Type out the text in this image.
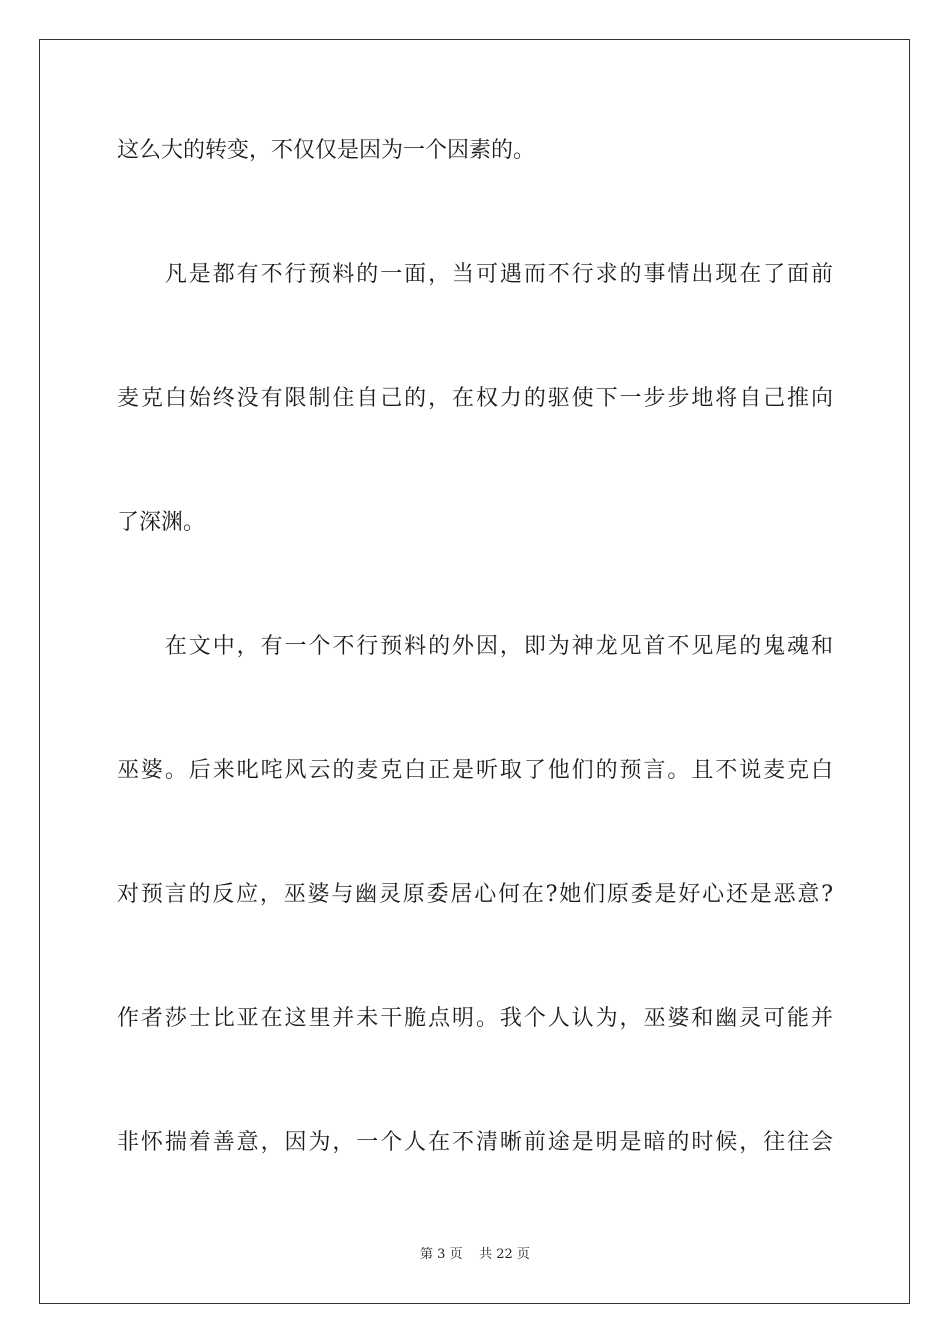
这么大的转变，不仅仅是因为一个因素的。
　　凡是都有不行预料的一面，当可遇而不行求的事情出现在了面前
麦克白始终没有限制住自己的，在权力的驱使下一步步地将自己推向
了深渊。
　　在文中，有一个不行预料的外因，即为神龙见首不见尾的鬼魂和
巫婆。后来叱咤风云的麦克白正是听取了他们的预言。且不说麦克白
对预言的反应，巫婆与幽灵原委居心何在?她们原委是好心还是恶意?
作者莎士比亚在这里并未干脆点明。我个人认为，巫婆和幽灵可能并
非怀揣着善意，因为，一个人在不清晰前途是明是暗的时候，往往会
第 3 页 共 22 页
